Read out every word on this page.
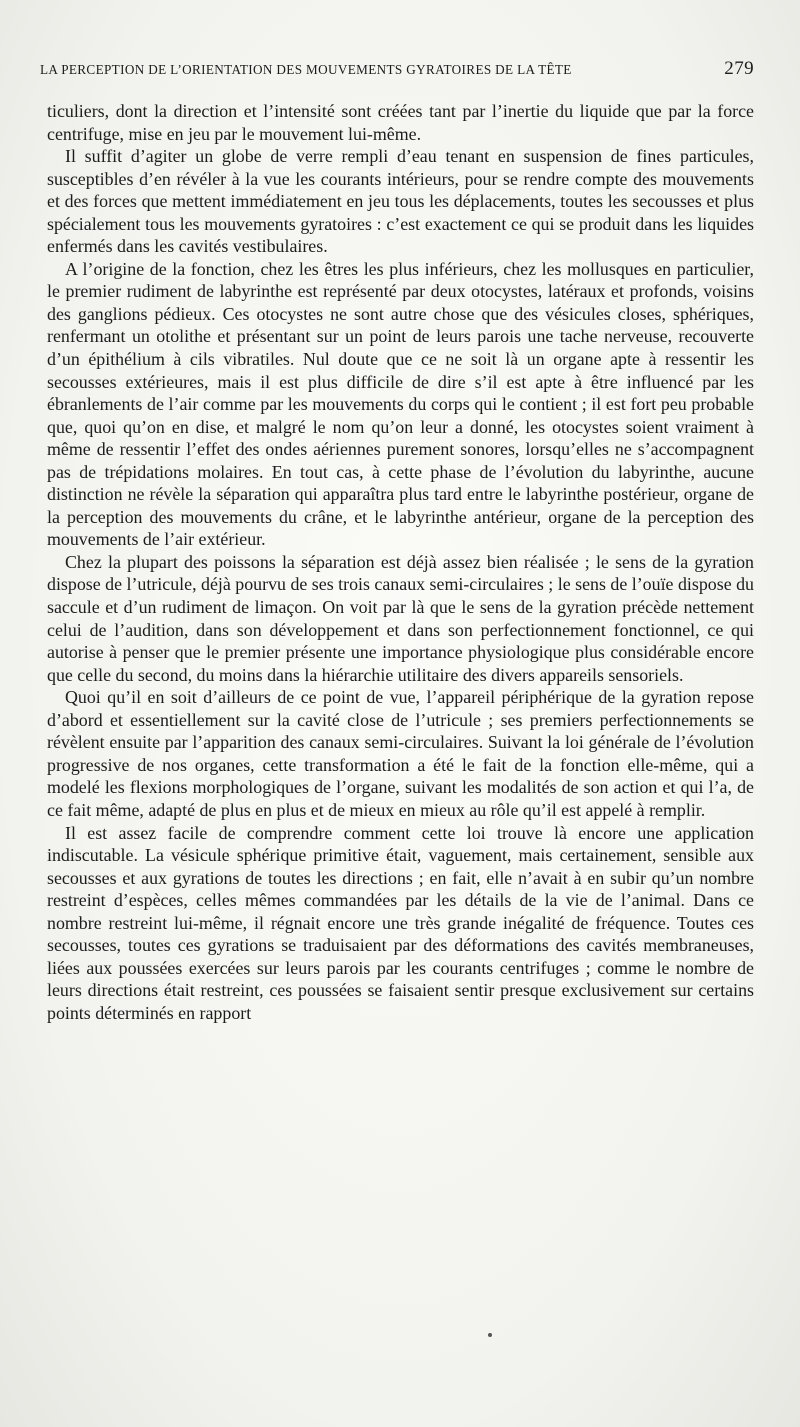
LA PERCEPTION DE L’ORIENTATION DES MOUVEMENTS GYRATOIRES DE LA TÊTE	279

ticuliers, dont la direction et l’intensité sont créées tant par l’inertie du liquide que par la force centrifuge, mise en jeu par le mouvement lui-même.

Il suffit d’agiter un globe de verre rempli d’eau tenant en suspension de fines particules, susceptibles d’en révéler à la vue les courants intérieurs, pour se rendre compte des mouvements et des forces que mettent immédiatement en jeu tous les déplacements, toutes les secousses et plus spécialement tous les mouvements gyratoires : c’est exactement ce qui se produit dans les liquides enfermés dans les cavités vestibulaires.

A l’origine de la fonction, chez les êtres les plus inférieurs, chez les mollusques en particulier, le premier rudiment de labyrinthe est représenté par deux otocystes, latéraux et profonds, voisins des ganglions pédieux. Ces otocystes ne sont autre chose que des vésicules closes, sphériques, renfermant un otolithe et présentant sur un point de leurs parois une tache nerveuse, recouverte d’un épithélium à cils vibratiles. Nul doute que ce ne soit là un organe apte à ressentir les secousses extérieures, mais il est plus difficile de dire s’il est apte à être influencé par les ébranlements de l’air comme par les mouvements du corps qui le contient ; il est fort peu probable que, quoi qu’on en dise, et malgré le nom qu’on leur a donné, les otocystes soient vraiment à même de ressentir l’effet des ondes aériennes purement sonores, lorsqu’elles ne s’accompagnent pas de trépidations molaires. En tout cas, à cette phase de l’évolution du labyrinthe, aucune distinction ne révèle la séparation qui apparaîtra plus tard entre le labyrinthe postérieur, organe de la perception des mouvements du crâne, et le labyrinthe antérieur, organe de la perception des mouvements de l’air extérieur.

Chez la plupart des poissons la séparation est déjà assez bien réalisée ; le sens de la gyration dispose de l’utricule, déjà pourvu de ses trois canaux semi-circulaires ; le sens de l’ouïe dispose du saccule et d’un rudiment de limaçon. On voit par là que le sens de la gyration précède nettement celui de l’audition, dans son développement et dans son perfectionnement fonctionnel, ce qui autorise à penser que le premier présente une importance physiologique plus considérable encore que celle du second, du moins dans la hiérarchie utilitaire des divers appareils sensoriels.

Quoi qu’il en soit d’ailleurs de ce point de vue, l’appareil périphérique de la gyration repose d’abord et essentiellement sur la cavité close de l’utricule ; ses premiers perfectionnements se révèlent ensuite par l’apparition des canaux semi-circulaires. Suivant la loi générale de l’évolution progressive de nos organes, cette transformation a été le fait de la fonction elle-même, qui a modelé les flexions morphologiques de l’organe, suivant les modalités de son action et qui l’a, de ce fait même, adapté de plus en plus et de mieux en mieux au rôle qu’il est appelé à remplir.

Il est assez facile de comprendre comment cette loi trouve là encore une application indiscutable. La vésicule sphérique primitive était, vaguement, mais certainement, sensible aux secousses et aux gyrations de toutes les directions ; en fait, elle n’avait à en subir qu’un nombre restreint d’espèces, celles mêmes commandées par les détails de la vie de l’animal. Dans ce nombre restreint lui-même, il régnait encore une très grande inégalité de fréquence. Toutes ces secousses, toutes ces gyrations se traduisaient par des déformations des cavités membraneuses, liées aux poussées exercées sur leurs parois par les courants centrifuges ; comme le nombre de leurs directions était restreint, ces poussées se faisaient sentir presque exclusivement sur certains points déterminés en rapport
